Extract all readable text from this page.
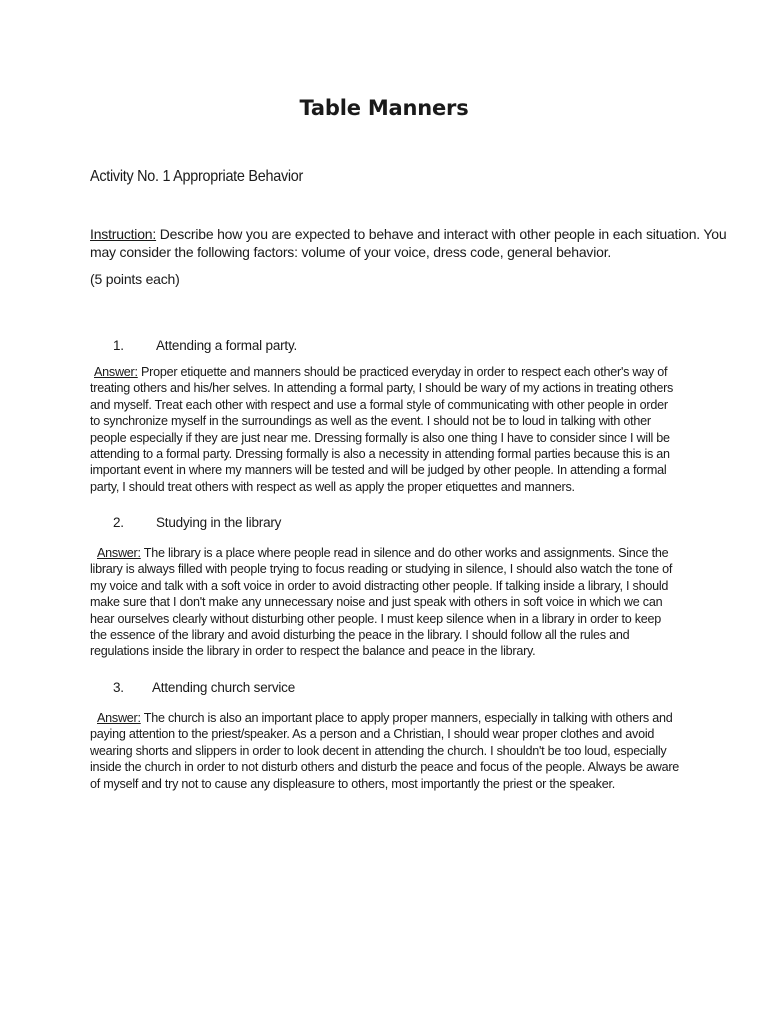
Table Manners
Activity No. 1 Appropriate Behavior
Instruction: Describe how you are expected to behave and interact with other people in each situation. You may consider the following factors: volume of your voice, dress code, general behavior.
(5 points each)
1. Attending a formal party.
Answer: Proper etiquette and manners should be practiced everyday in order to respect each other's way of treating others and his/her selves. In attending a formal party, I should be wary of my actions in treating others and myself. Treat each other with respect and use a formal style of communicating with other people in order to synchronize myself in the surroundings as well as the event. I should not be to loud in talking with other people especially if they are just near me. Dressing formally is also one thing I have to consider since I will be attending to a formal party. Dressing formally is also a necessity in attending formal parties because this is an important event in where my manners will be tested and will be judged by other people. In attending a formal party, I should treat others with respect as well as apply the proper etiquettes and manners.
2. Studying in the library
Answer: The library is a place where people read in silence and do other works and assignments. Since the library is always filled with people trying to focus reading or studying in silence, I should also watch the tone of my voice and talk with a soft voice in order to avoid distracting other people. If talking inside a library, I should make sure that I don't make any unnecessary noise and just speak with others in soft voice in which we can hear ourselves clearly without disturbing other people. I must keep silence when in a library in order to keep the essence of the library and avoid disturbing the peace in the library. I should follow all the rules and regulations inside the library in order to respect the balance and peace in the library.
3. Attending church service
Answer: The church is also an important place to apply proper manners, especially in talking with others and paying attention to the priest/speaker. As a person and a Christian, I should wear proper clothes and avoid wearing shorts and slippers in order to look decent in attending the church. I shouldn't be too loud, especially inside the church in order to not disturb others and disturb the peace and focus of the people. Always be aware of myself and try not to cause any displeasure to others, most importantly the priest or the speaker.
